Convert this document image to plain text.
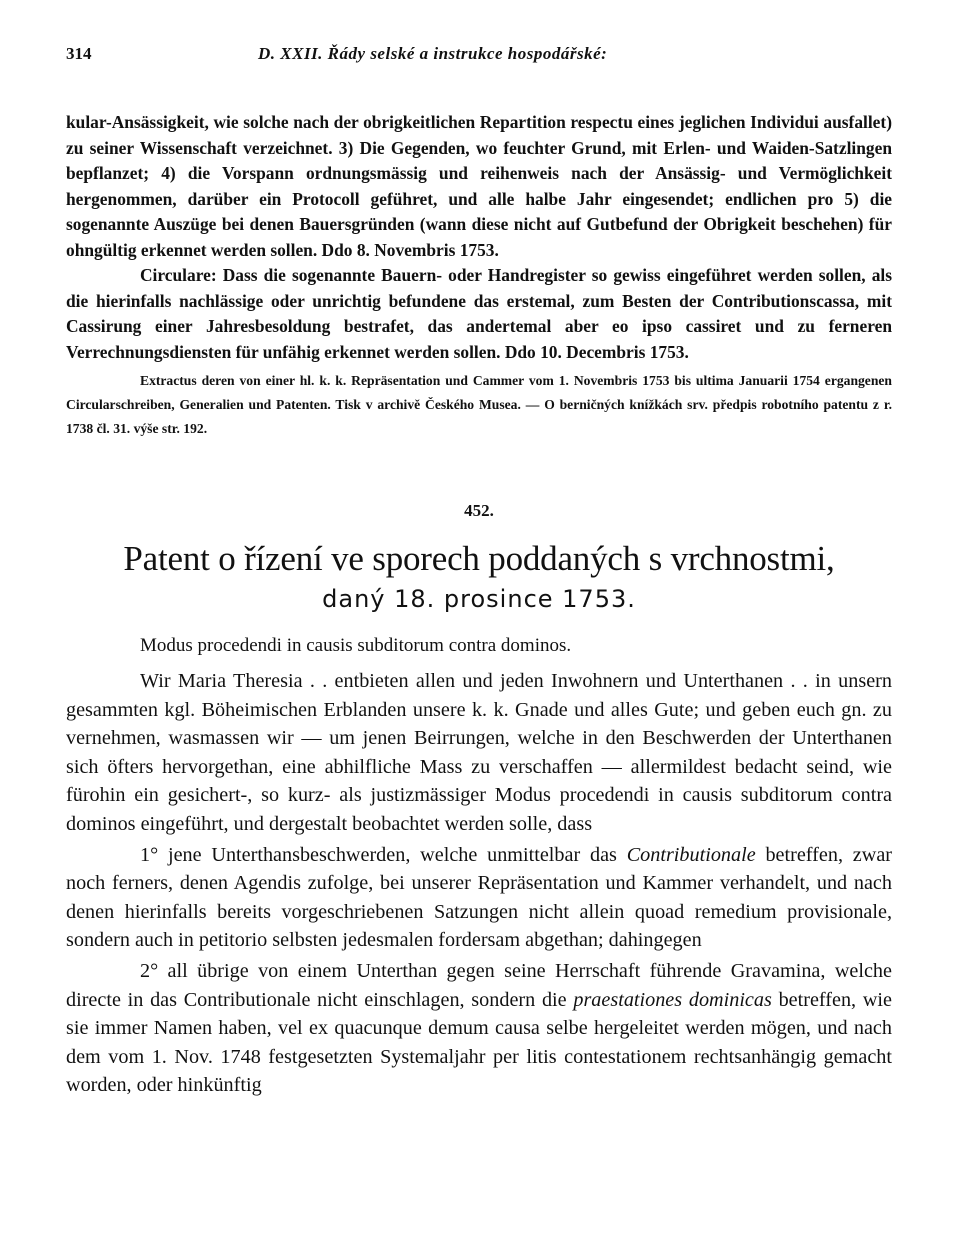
314	D. XXII. Řády selské a instrukce hospodářské:

kular-Ansässigkeit, wie solche nach der obrigkeitlichen Repartition respectu eines jeglichen Individui ausfallet) zu seiner Wissenschaft verzeichnet. 3) Die Gegenden, wo feuchter Grund, mit Erlen- und Waiden-Satzlingen bepflanzet; 4) die Vorspann ordnungsmässig und reihenweis nach der Ansässig- und Vermöglichkeit hergenommen, darüber ein Protocoll geführet, und alle halbe Jahr eingesendet; endlichen pro 5) die sogenannte Auszüge bei denen Bauersgründen (wann diese nicht auf Gutbefund der Obrigkeit beschehen) für ohngültig erkennet werden sollen. Ddo 8. Novembris 1753.

Circulare: Dass die sogenannte Bauern- oder Handregister so gewiss eingeführet werden sollen, als die hierinfalls nachlässige oder unrichtig befundene das erstemal, zum Besten der Contributionscassa, mit Cassirung einer Jahresbesoldung bestrafet, das andertemal aber eo ipso cassiret und zu ferneren Verrechnungsdiensten für unfähig erkennet werden sollen. Ddo 10. Decembris 1753.

Extractus deren von einer hl. k. k. Repräsentation und Cammer vom 1. Novembris 1753 bis ultima Januarii 1754 ergangenen Circularschreiben, Generalien und Patenten. Tisk v archivě Českého Musea. — O berničných knížkách srv. předpis robotního patentu z r. 1738 čl. 31. výše str. 192.

452.
Patent o řízení ve sporech poddaných s vrchnostmi,
daný 18. prosince 1753.
Modus procedendi in causis subditorum contra dominos.

Wir Maria Theresia . . entbieten allen und jeden Inwohnern und Unterthanen . . in unsern gesammten kgl. Böheimischen Erblanden unsere k. k. Gnade und alles Gute; und geben euch gn. zu vernehmen, wasmassen wir — um jenen Beirrungen, welche in den Beschwerden der Unterthanen sich öfters hervorgethan, eine abhilfliche Mass zu verschaffen — allermildest bedacht seind, wie fürohin ein gesichert-, so kurz- als justizmässiger Modus procedendi in causis subditorum contra dominos eingeführt, und dergestalt beobachtet werden solle, dass

1° jene Unterthansbeschwerden, welche unmittelbar das Contributionale betreffen, zwar noch ferners, denen Agendis zufolge, bei unserer Repräsentation und Kammer verhandelt, und nach denen hierinfalls bereits vorgeschriebenen Satzungen nicht allein quoad remedium provisionale, sondern auch in petitorio selbsten jedesmalen fordersam abgethan; dahingegen

2° all übrige von einem Unterthan gegen seine Herrschaft führende Gravamina, welche directe in das Contributionale nicht einschlagen, sondern die praestationes dominicas betreffen, wie sie immer Namen haben, vel ex quacunque demum causa selbe hergeleitet werden mögen, und nach dem vom 1. Nov. 1748 festgesetzten Systemaljahr per litis contestationem rechtsanhängig gemacht worden, oder hinkünftig
